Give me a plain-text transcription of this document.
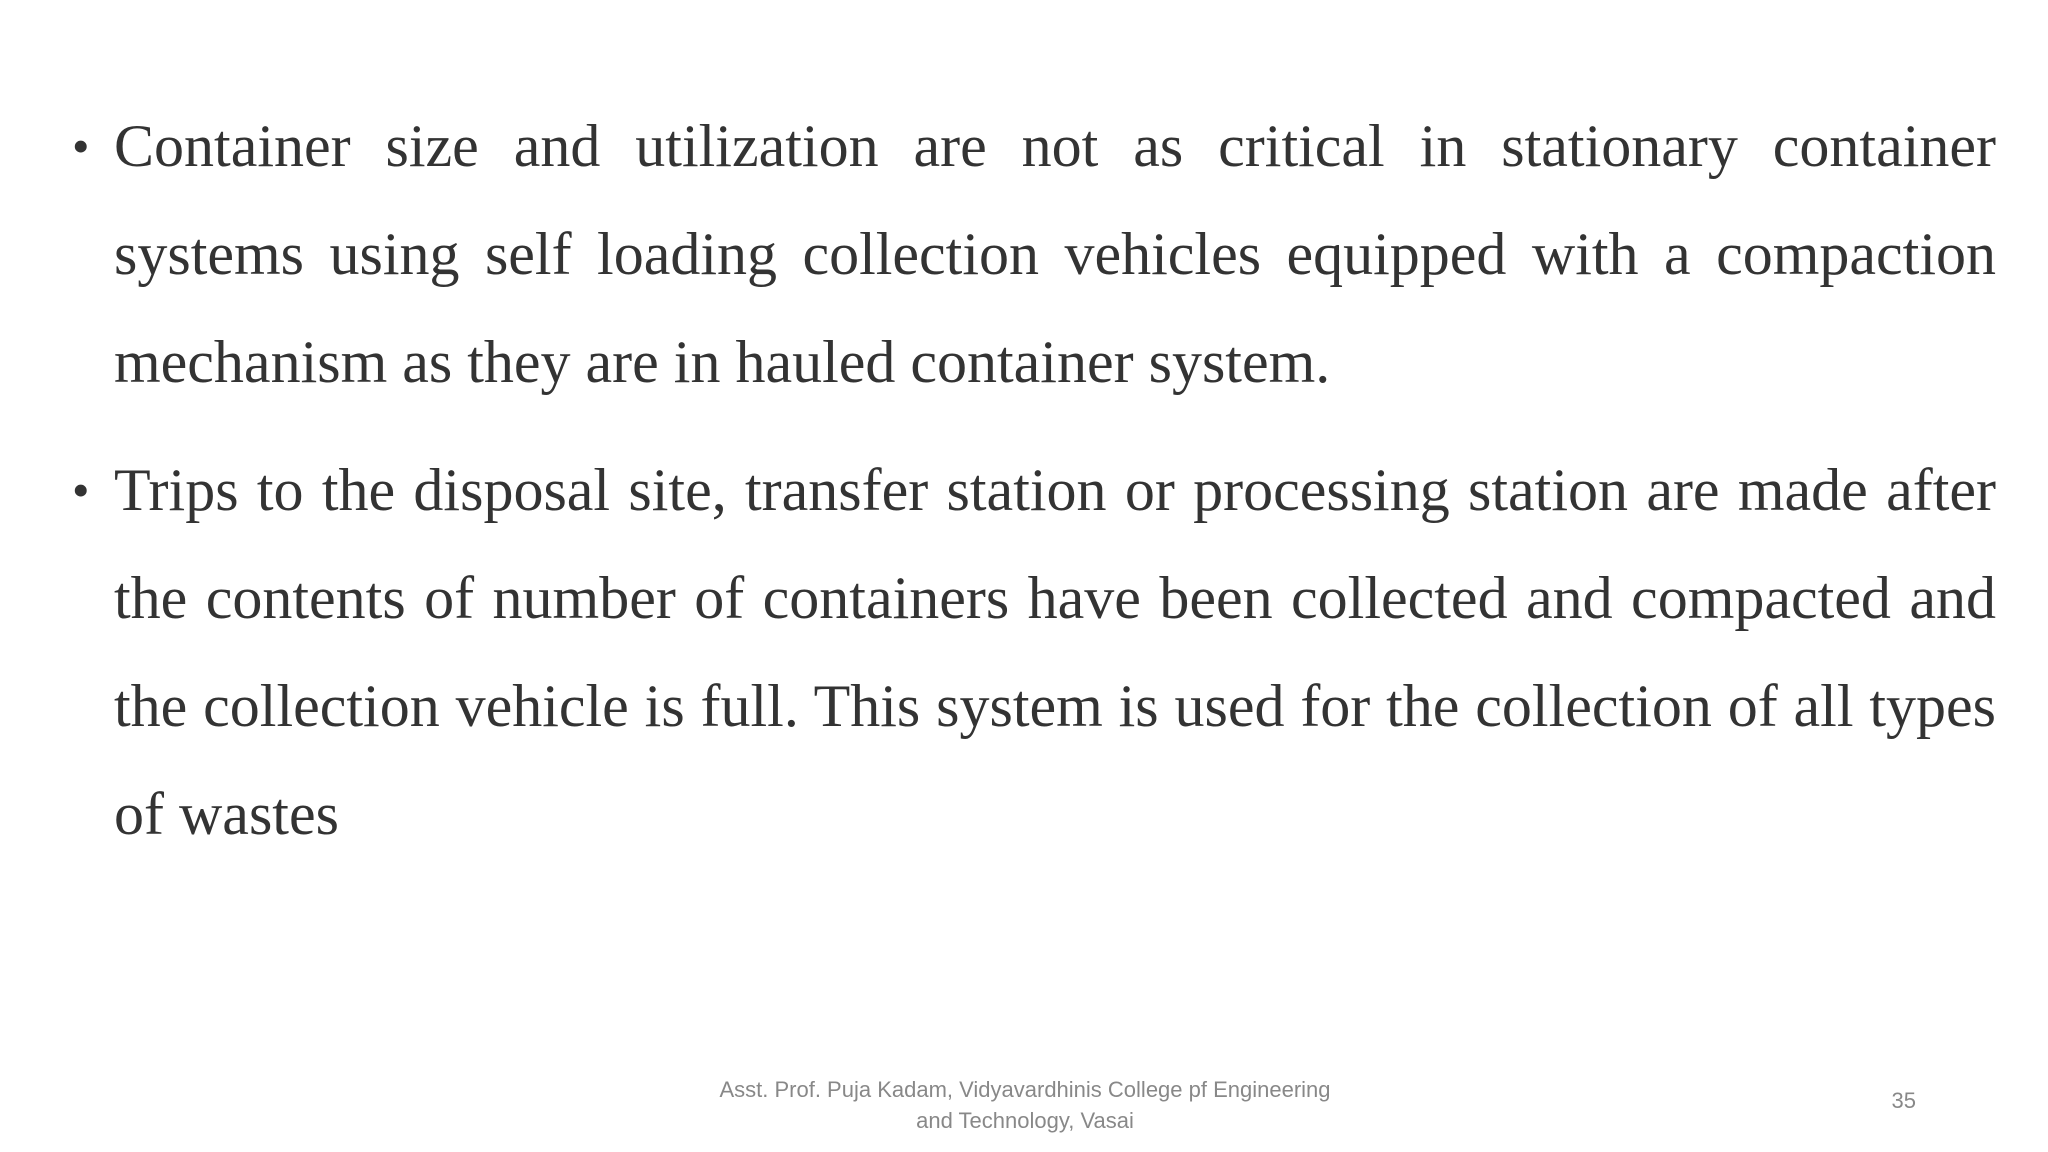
• Container size and utilization are not as critical in stationary container systems using self loading collection vehicles equipped with a compaction mechanism as they are in hauled container system.
• Trips to the disposal site, transfer station or processing station are made after the contents of number of containers have been collected and compacted and the collection vehicle is full. This system is used for the collection of all types of wastes
Asst. Prof. Puja Kadam, Vidyavardhinis College pf Engineering
and Technology, Vasai
35
